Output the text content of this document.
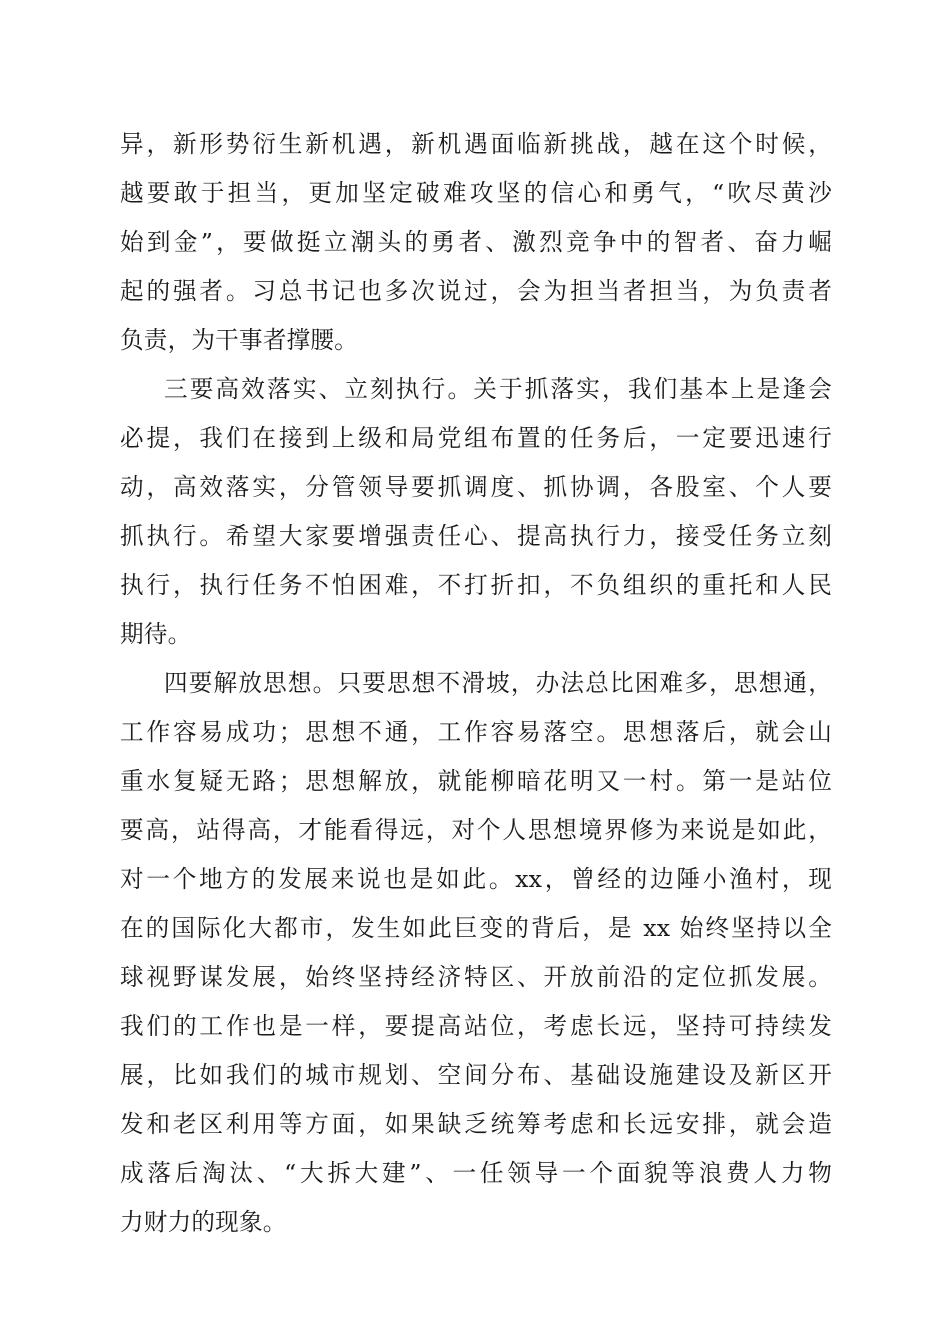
异，新形势衍生新机遇，新机遇面临新挑战，越在这个时候，
越要敢于担当，更加坚定破难攻坚的信心和勇气，“吹尽黄沙
始到金”，要做挺立潮头的勇者、激烈竞争中的智者、奋力崛
起的强者。习总书记也多次说过，会为担当者担当，为负责者
负责，为干事者撑腰。
三要高效落实、立刻执行。关于抓落实，我们基本上是逢会
必提，我们在接到上级和局党组布置的任务后，一定要迅速行
动，高效落实，分管领导要抓调度、抓协调，各股室、个人要
抓执行。希望大家要增强责任心、提高执行力，接受任务立刻
执行，执行任务不怕困难，不打折扣，不负组织的重托和人民
期待。
四要解放思想。只要思想不滑坡，办法总比困难多，思想通，
工作容易成功；思想不通，工作容易落空。思想落后，就会山
重水复疑无路；思想解放，就能柳暗花明又一村。第一是站位
要高，站得高，才能看得远，对个人思想境界修为来说是如此，
对一个地方的发展来说也是如此。xx，曾经的边陲小渔村，现
在的国际化大都市，发生如此巨变的背后，是 xx 始终坚持以全
球视野谋发展，始终坚持经济特区、开放前沿的定位抓发展。
我们的工作也是一样，要提高站位，考虑长远，坚持可持续发
展，比如我们的城市规划、空间分布、基础设施建设及新区开
发和老区利用等方面，如果缺乏统筹考虑和长远安排，就会造
成落后淘汰、“大拆大建”、一任领导一个面貌等浪费人力物
力财力的现象。
